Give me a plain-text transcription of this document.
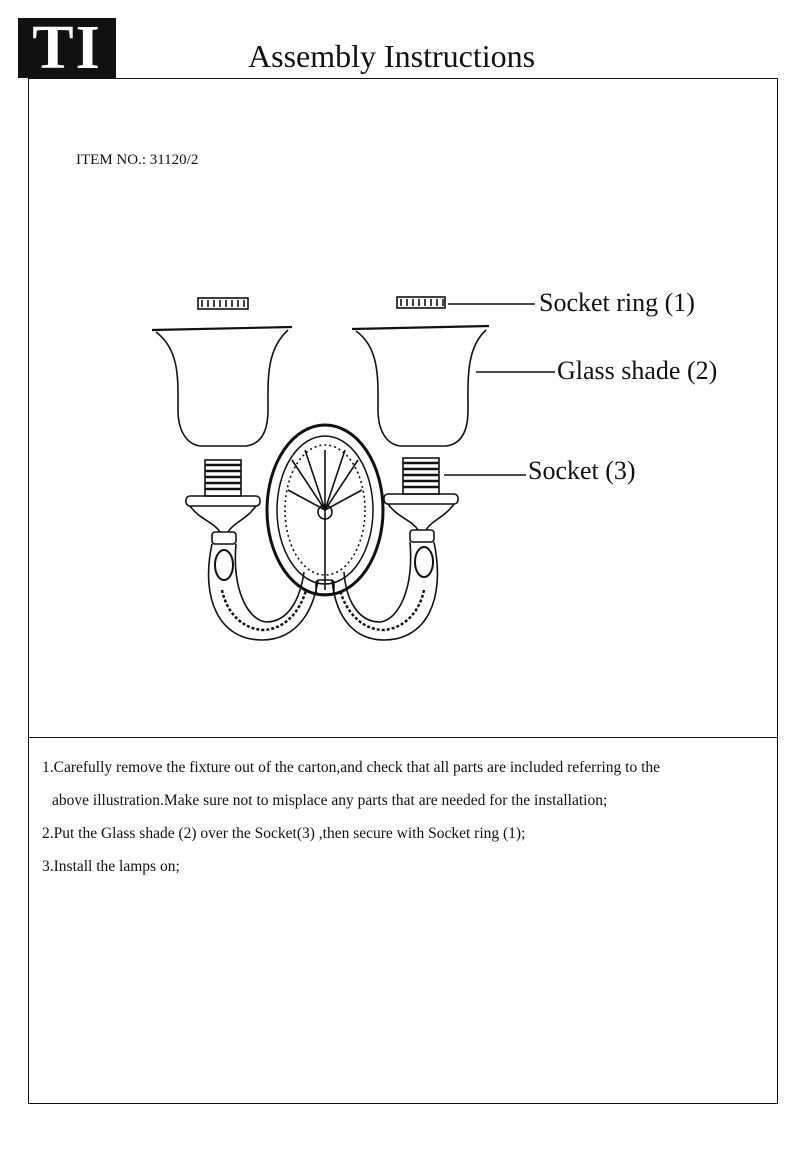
TI	Assembly Instructions
ITEM NO.: 31120/2
Socket ring (1)
Glass shade (2)
Socket (3)
1.Carefully remove the fixture out of the carton,and check that all parts are included referring to the
above illustration.Make sure not to misplace any parts that are needed for the installation;
2.Put the Glass shade (2) over the Socket(3) ,then secure with Socket ring (1);
3.Install the lamps on;
